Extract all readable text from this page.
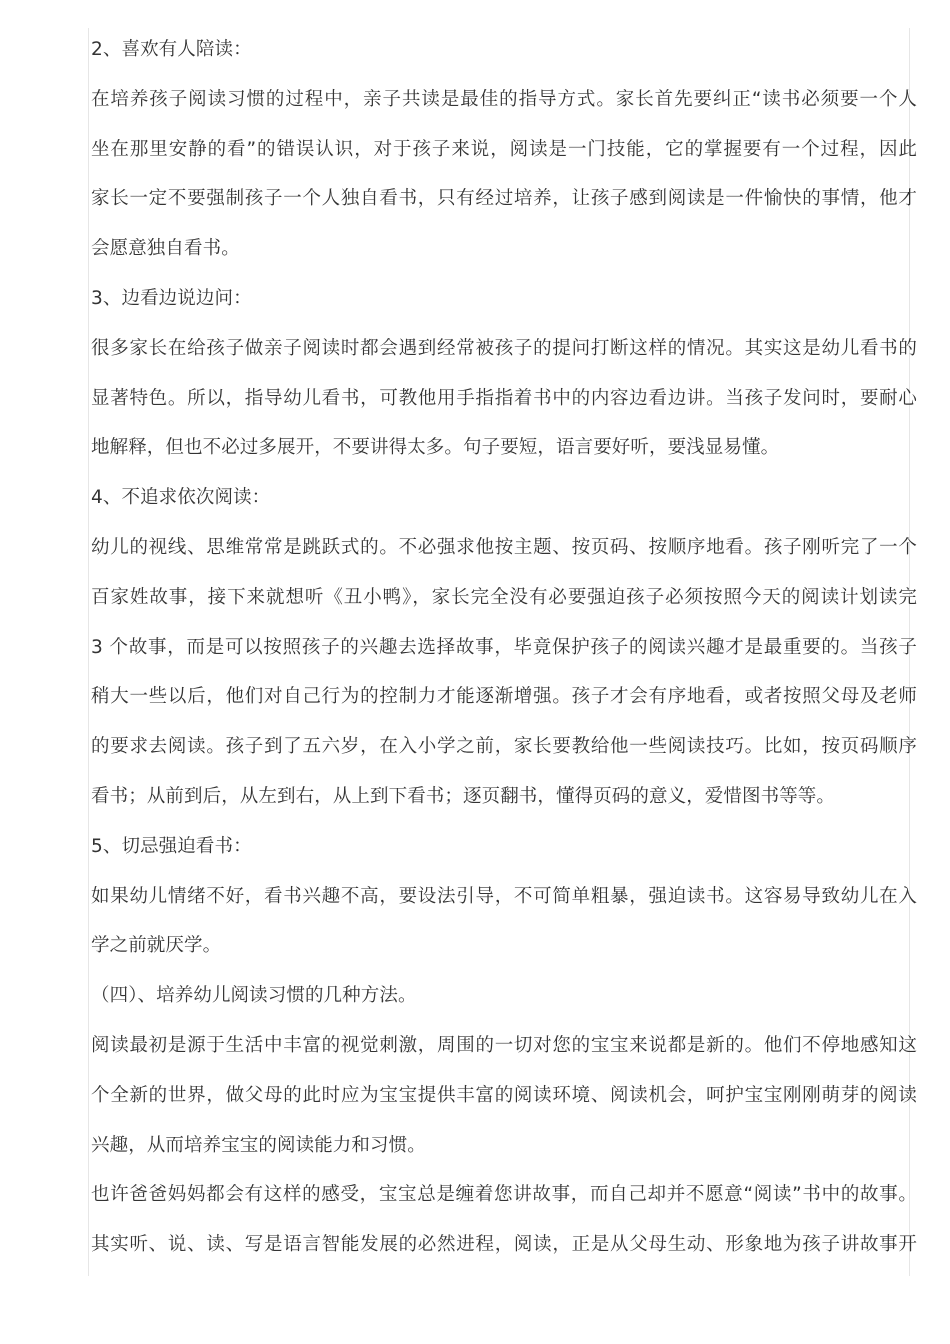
2、喜欢有人陪读：
在培养孩子阅读习惯的过程中，亲子共读是最佳的指导方式。家长首先要纠正“读书必须要一个人
坐在那里安静的看”的错误认识，对于孩子来说，阅读是一门技能，它的掌握要有一个过程，因此
家长一定不要强制孩子一个人独自看书，只有经过培养，让孩子感到阅读是一件愉快的事情，他才
会愿意独自看书。
3、边看边说边问：
很多家长在给孩子做亲子阅读时都会遇到经常被孩子的提问打断这样的情况。其实这是幼儿看书的
显著特色。所以，指导幼儿看书，可教他用手指指着书中的内容边看边讲。当孩子发问时，要耐心
地解释，但也不必过多展开，不要讲得太多。句子要短，语言要好听，要浅显易懂。
4、不追求依次阅读：
幼儿的视线、思维常常是跳跃式的。不必强求他按主题、按页码、按顺序地看。孩子刚听完了一个
百家姓故事，接下来就想听《丑小鸭》，家长完全没有必要强迫孩子必须按照今天的阅读计划读完
3 个故事，而是可以按照孩子的兴趣去选择故事，毕竟保护孩子的阅读兴趣才是最重要的。当孩子
稍大一些以后，他们对自己行为的控制力才能逐渐增强。孩子才会有序地看，或者按照父母及老师
的要求去阅读。孩子到了五六岁，在入小学之前，家长要教给他一些阅读技巧。比如，按页码顺序
看书；从前到后，从左到右，从上到下看书；逐页翻书，懂得页码的意义，爱惜图书等等。
5、切忌强迫看书：
如果幼儿情绪不好，看书兴趣不高，要设法引导，不可简单粗暴，强迫读书。这容易导致幼儿在入
学之前就厌学。
（四）、培养幼儿阅读习惯的几种方法。
阅读最初是源于生活中丰富的视觉刺激，周围的一切对您的宝宝来说都是新的。他们不停地感知这
个全新的世界，做父母的此时应为宝宝提供丰富的阅读环境、阅读机会，呵护宝宝刚刚萌芽的阅读
兴趣，从而培养宝宝的阅读能力和习惯。
也许爸爸妈妈都会有这样的感受，宝宝总是缠着您讲故事，而自己却并不愿意“阅读”书中的故事。
其实听、说、读、写是语言智能发展的必然进程，阅读，正是从父母生动、形象地为孩子讲故事开
